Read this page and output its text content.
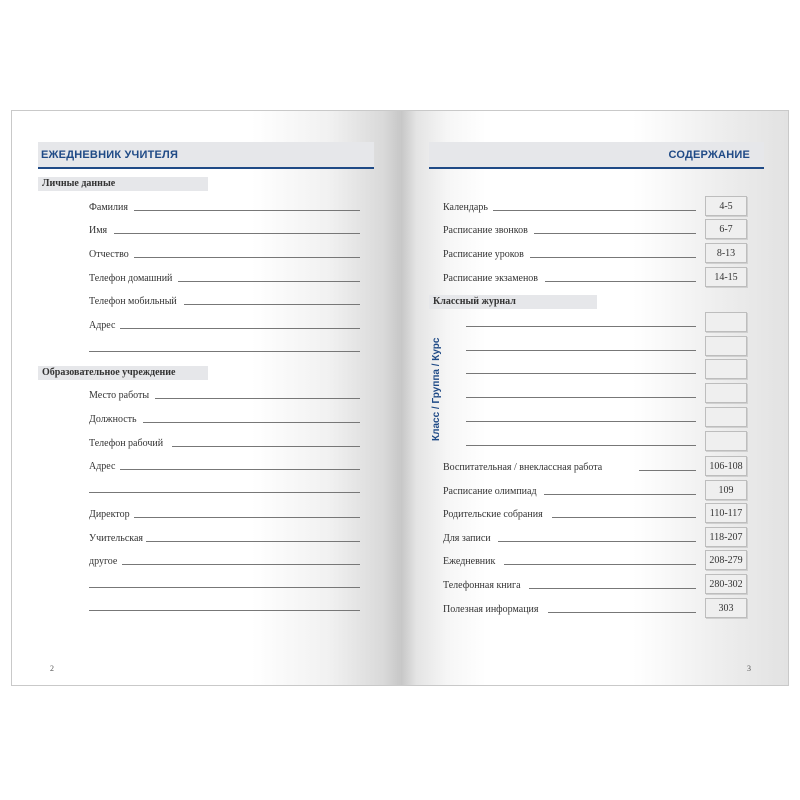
ЕЖЕДНЕВНИК УЧИТЕЛЯ
Личные данные
Фамилия
Имя
Отчество
Телефон домашний
Телефон мобильный
Адрес
Образовательное учреждение
Место работы
Должность
Телефон рабочий
Адрес
Директор
Учительская
другое
2
СОДЕРЖАНИЕ
Календарь	4-5
Расписание звонков	6-7
Расписание уроков	8-13
Расписание экзаменов	14-15
Классный журнал
Класс / Группа / Курс
Воспитательная / внеклассная работа	106-108
Расписание олимпиад	109
Родительские собрания	110-117
Для записи	118-207
Ежедневник	208-279
Телефонная книга	280-302
Полезная информация	303
3
